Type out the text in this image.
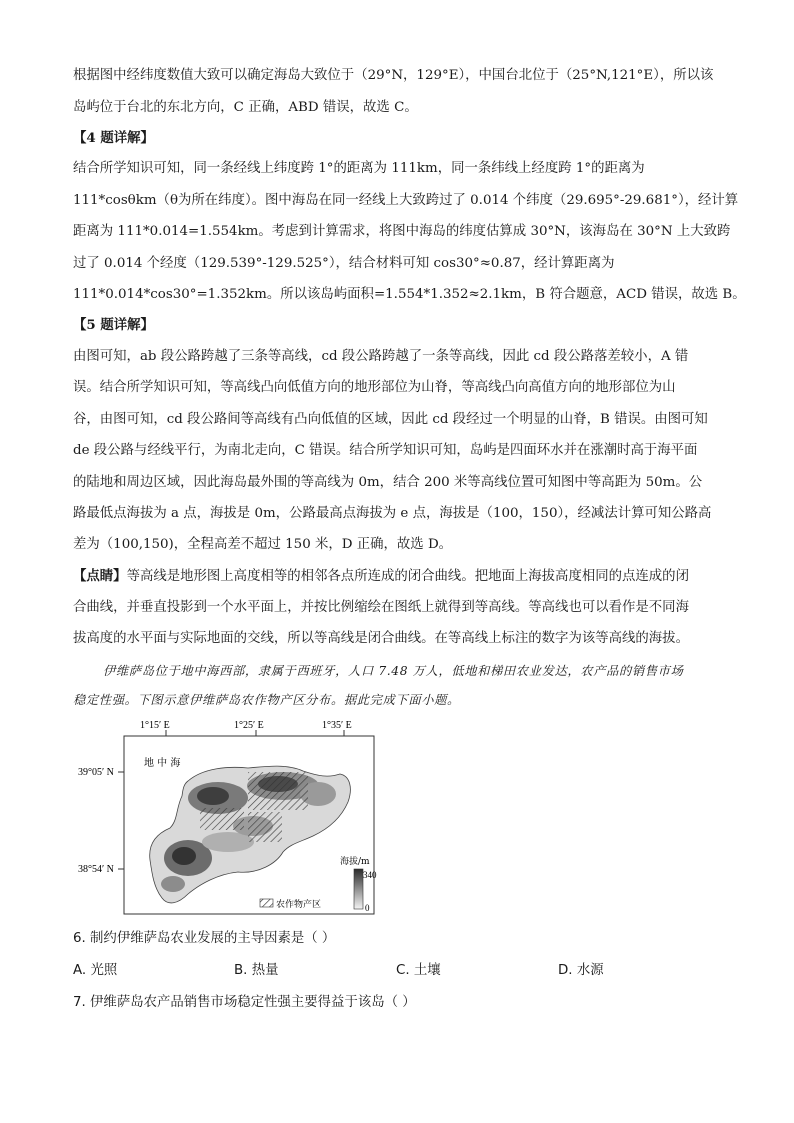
根据图中经纬度数值大致可以确定海岛大致位于（29°N，129°E），中国台北位于（25°N,121°E），所以该
岛屿位于台北的东北方向，C 正确，ABD 错误，故选 C。
【4 题详解】
结合所学知识可知，同一条经线上纬度跨 1°的距离为 111km，同一条纬线上经度跨 1°的距离为
111*cosθkm（θ为所在纬度）。图中海岛在同一经线上大致跨过了 0.014 个纬度（29.695°-29.681°），经计算
距离为 111*0.014=1.554km。考虑到计算需求，将图中海岛的纬度估算成 30°N，该海岛在 30°N 上大致跨
过了 0.014 个经度（129.539°-129.525°），结合材料可知 cos30°≈0.87，经计算距离为
111*0.014*cos30°=1.352km。所以该岛屿面积=1.554*1.352≈2.1km，B 符合题意，ACD 错误，故选 B。
【5 题详解】
由图可知，ab 段公路跨越了三条等高线，cd 段公路跨越了一条等高线，因此 cd 段公路落差较小，A 错
误。结合所学知识可知，等高线凸向低值方向的地形部位为山脊，等高线凸向高值方向的地形部位为山
谷，由图可知，cd 段公路间等高线有凸向低值的区域，因此 cd 段经过一个明显的山脊，B 错误。由图可知
de 段公路与经线平行，为南北走向，C 错误。结合所学知识可知，岛屿是四面环水并在涨潮时高于海平面
的陆地和周边区域，因此海岛最外围的等高线为 0m，结合 200 米等高线位置可知图中等高距为 50m。公
路最低点海拔为 a 点，海拔是 0m，公路最高点海拔为 e 点，海拔是（100，150），经减法计算可知公路高
差为（100,150)，全程高差不超过 150 米，D 正确，故选 D。
【点睛】等高线是地形图上高度相等的相邻各点所连成的闭合曲线。把地面上海拔高度相同的点连成的闭
合曲线，并垂直投影到一个水平面上，并按比例缩绘在图纸上就得到等高线。等高线也可以看作是不同海
拔高度的水平面与实际地面的交线，所以等高线是闭合曲线。在等高线上标注的数字为该等高线的海拔。
伊维萨岛位于地中海西部，隶属于西班牙，人口 7.48 万人，低地和梯田农业发达，农产品的销售市场
稳定性强。下图示意伊维萨岛农作物产区分布。据此完成下面小题。
1°15′ E	1°25′ E	1°35′ E
39°05′ N
38°54′ N
地 中 海
海拔/m
340
0
农作物产区
6. 制约伊维萨岛农业发展的主导因素是（ ）
A. 光照	B. 热量	C. 土壤	D. 水源
7. 伊维萨岛农产品销售市场稳定性强主要得益于该岛（ ）
